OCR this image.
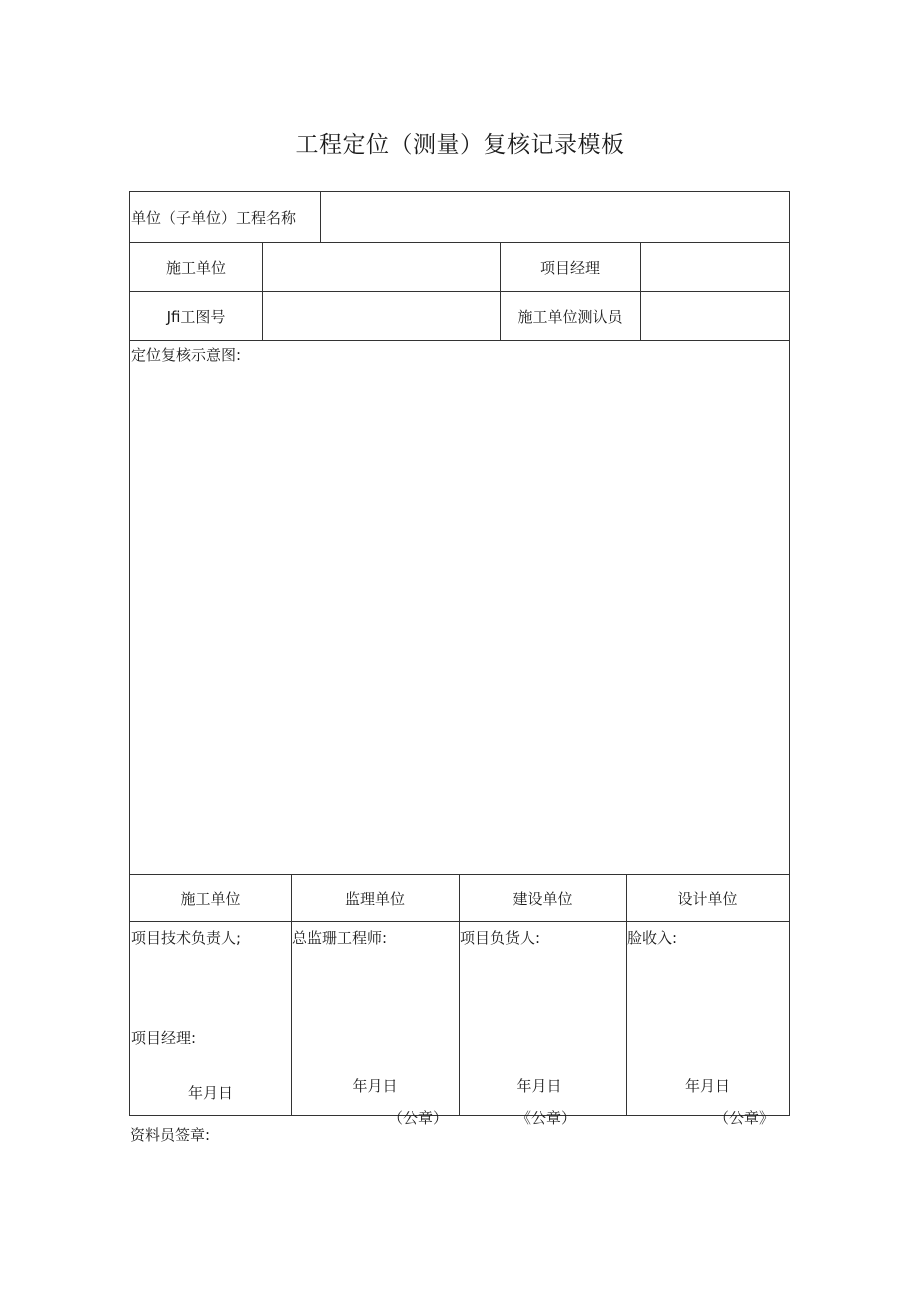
工程定位（测量）复核记录模板
单位（子单位）工程名称
施工单位	项目经理
Jfi工图号	施工单位测认员
定位复核示意图:
施工单位	监理单位	建设单位	设计单位
项目技术负责人;
项目经理:
总监珊工程师:	项目负货人:	脸收入:
年月日	年月日	年月日	年月日
（公章）	《公章）	（公章》
资料员签章:
